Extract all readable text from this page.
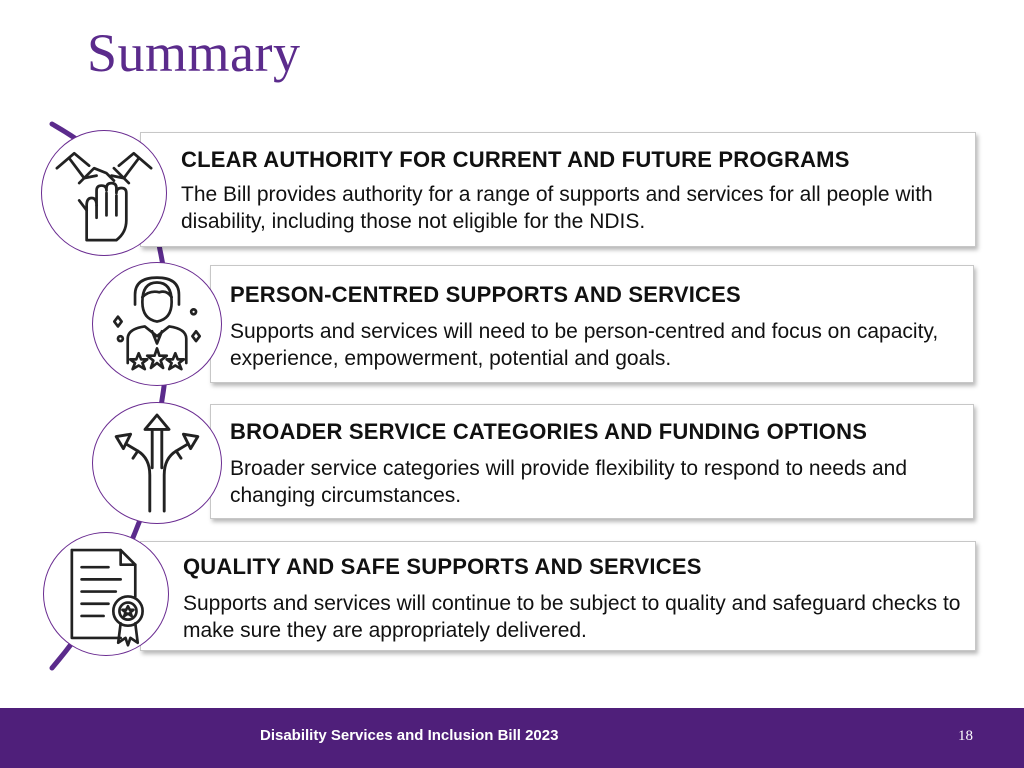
Summary
CLEAR AUTHORITY FOR CURRENT AND FUTURE PROGRAMS
The Bill provides authority for a range of supports and services for all people with disability, including those not eligible for the NDIS.
PERSON-CENTRED SUPPORTS AND SERVICES
Supports and services will need to be person-centred and focus on capacity, experience, empowerment, potential and goals.
BROADER SERVICE CATEGORIES AND FUNDING OPTIONS
Broader service categories will provide flexibility to respond to needs and changing circumstances.
QUALITY AND SAFE SUPPORTS AND SERVICES
Supports and services will continue to be subject to quality and safeguard checks to make sure they are appropriately delivered.
Disability Services and Inclusion Bill 2023	18
